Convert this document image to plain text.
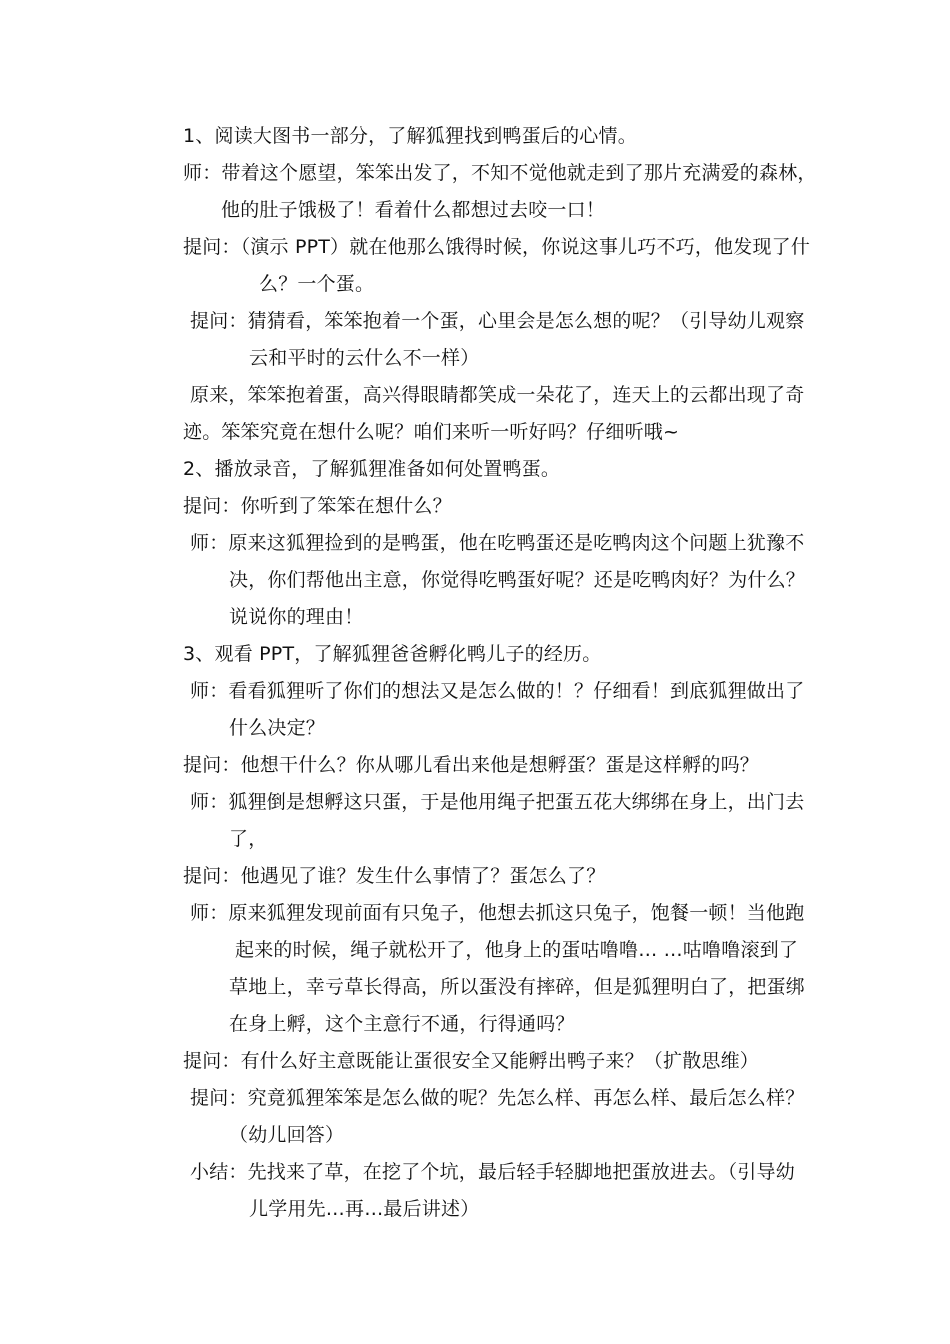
1、阅读大图书一部分，了解狐狸找到鸭蛋后的心情。
师：带着这个愿望，笨笨出发了，不知不觉他就走到了那片充满爱的森林，
他的肚子饿极了！看着什么都想过去咬一口！
提问：（演示 PPT）就在他那么饿得时候，你说这事儿巧不巧，他发现了什
么？一个蛋。
提问：猜猜看，笨笨抱着一个蛋，心里会是怎么想的呢？（引导幼儿观察
云和平时的云什么不一样）
原来，笨笨抱着蛋，高兴得眼睛都笑成一朵花了，连天上的云都出现了奇
迹。笨笨究竟在想什么呢？咱们来听一听好吗？仔细听哦~
2、播放录音，了解狐狸准备如何处置鸭蛋。
提问：你听到了笨笨在想什么？
师：原来这狐狸捡到的是鸭蛋，他在吃鸭蛋还是吃鸭肉这个问题上犹豫不
决，你们帮他出主意，你觉得吃鸭蛋好呢？还是吃鸭肉好？为什么？
说说你的理由！
3、观看 PPT，了解狐狸爸爸孵化鸭儿子的经历。
师：看看狐狸听了你们的想法又是怎么做的！？仔细看！到底狐狸做出了
什么决定？
提问：他想干什么？你从哪儿看出来他是想孵蛋？蛋是这样孵的吗？
师：狐狸倒是想孵这只蛋，于是他用绳子把蛋五花大绑绑在身上，出门去
了，
提问：他遇见了谁？发生什么事情了？蛋怎么了？
师：原来狐狸发现前面有只兔子，他想去抓这只兔子，饱餐一顿！当他跑
起来的时候，绳子就松开了，他身上的蛋咕噜噜… …咕噜噜滚到了
草地上，幸亏草长得高，所以蛋没有摔碎，但是狐狸明白了，把蛋绑
在身上孵，这个主意行不通，行得通吗？
提问：有什么好主意既能让蛋很安全又能孵出鸭子来？（扩散思维）
提问：究竟狐狸笨笨是怎么做的呢？先怎么样、再怎么样、最后怎么样？
（幼儿回答）
小结：先找来了草，在挖了个坑，最后轻手轻脚地把蛋放进去。（引导幼
儿学用先…再…最后讲述）
